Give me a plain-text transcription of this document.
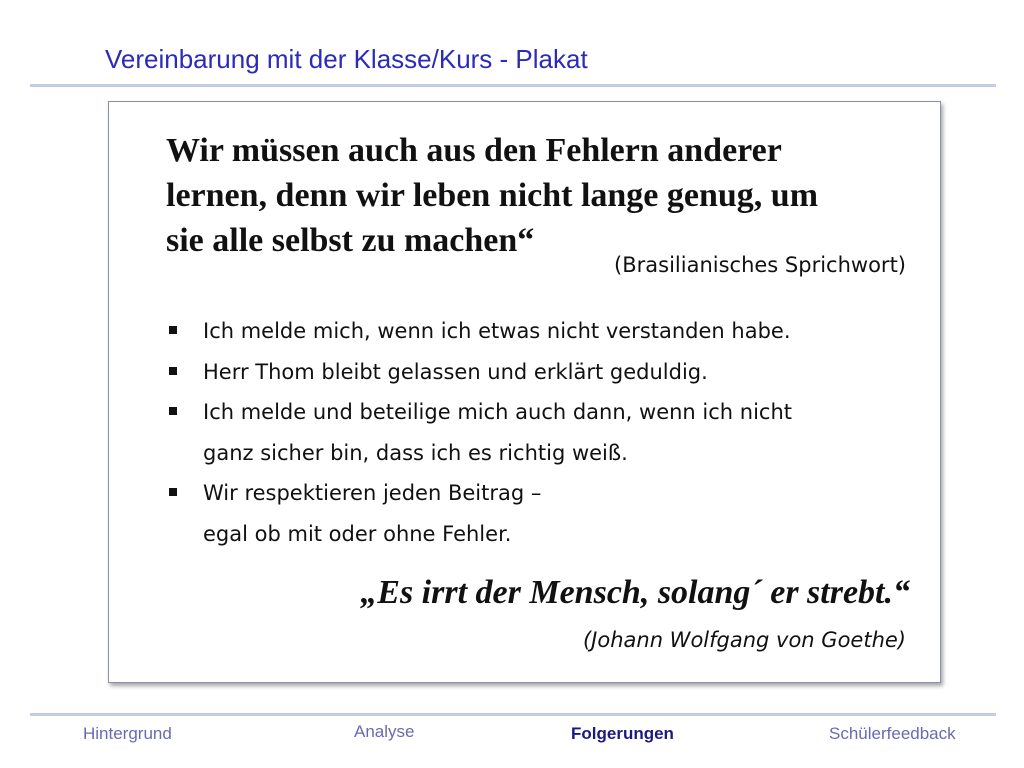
Vereinbarung mit der Klasse/Kurs - Plakat
Wir müssen auch aus den Fehlern anderer
lernen, denn wir leben nicht lange genug, um
sie alle selbst zu machen“
(Brasilianisches Sprichwort)
Ich melde mich, wenn ich etwas nicht verstanden habe.
Herr Thom bleibt gelassen und erklärt geduldig.
Ich melde und beteilige mich auch dann, wenn ich nicht
ganz sicher bin, dass ich es richtig weiß.
Wir respektieren jeden Beitrag –
egal ob mit oder ohne Fehler.
„Es irrt der Mensch, solang´ er strebt.“
(Johann Wolfgang von Goethe)
Hintergrund	Analyse	Folgerungen	Schülerfeedback
